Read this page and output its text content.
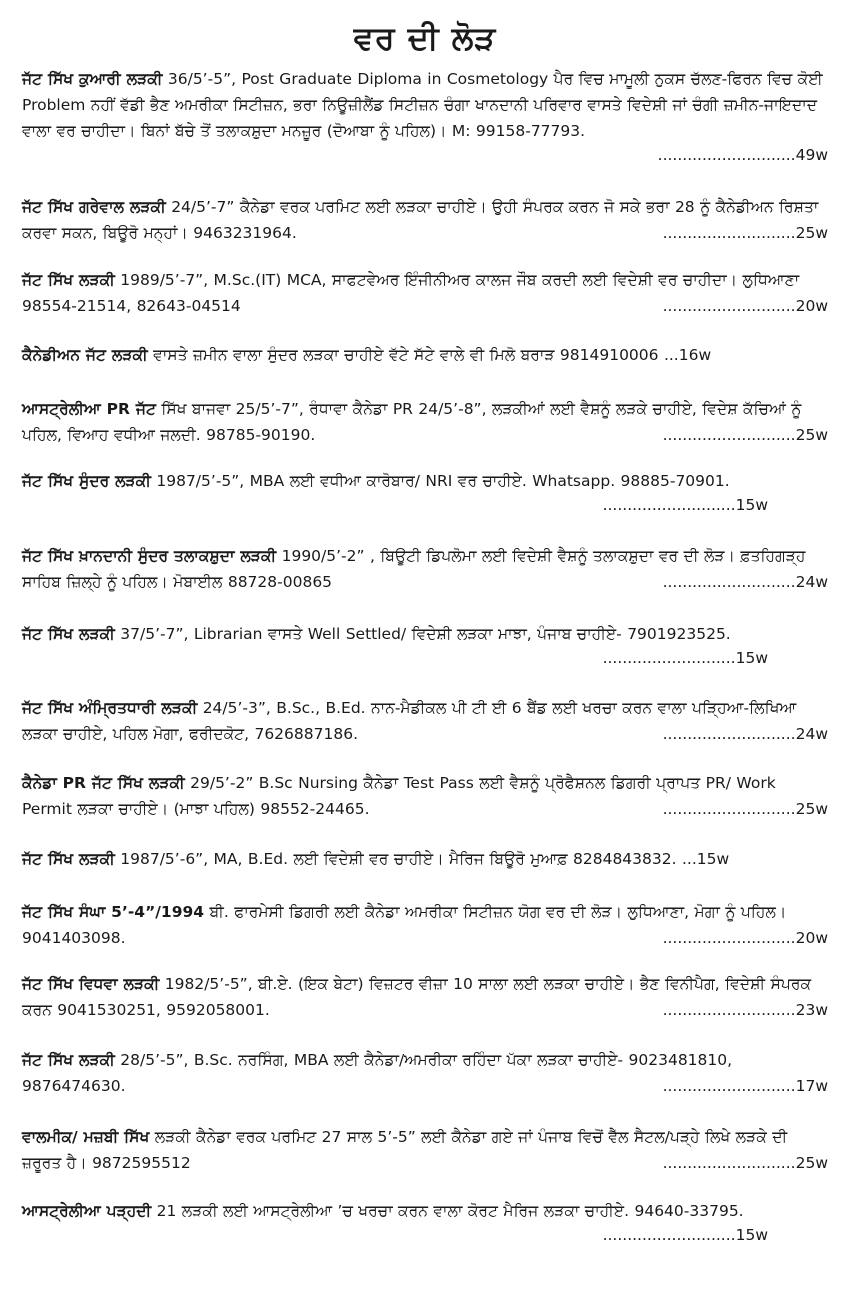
ਵਰ ਦੀ ਲੋੜ
ਜੱਟ ਸਿੱਖ ਕੁਆਰੀ ਲੜਕੀ 36/5’-5”, Post Graduate Diploma in Cosmetology ਪੈਰ ਵਿਚ ਮਾਮੂਲੀ ਨੁਕਸ ਚੱਲਣ-ਫਿਰਨ ਵਿਚ ਕੋਈ Problem ਨਹੀਂ ਵੱਡੀ ਭੈਣ ਅਮਰੀਕਾ ਸਿਟੀਜ਼ਨ, ਭਰਾ ਨਿਊਜ਼ੀਲੈਂਡ ਸਿਟੀਜ਼ਨ ਚੰਗਾ ਖਾਨਦਾਨੀ ਪਰਿਵਾਰ ਵਾਸਤੇ ਵਿਦੇਸ਼ੀ ਜਾਂ ਚੰਗੀ ਜ਼ਮੀਨ-ਜਾਇਦਾਦ ਵਾਲਾ ਵਰ ਚਾਹੀਦਾ। ਬਿਨਾਂ ਬੱਚੇ ਤੋਂ ਤਲਾਕਸ਼ੁਦਾ ਮਨਜ਼ੂਰ (ਦੋਆਬਾ ਨੂੰ ਪਹਿਲ)। M: 99158-77793.
............................49w
ਜੱਟ ਸਿੱਖ ਗਰੇਵਾਲ ਲੜਕੀ 24/5’-7” ਕੈਨੇਡਾ ਵਰਕ ਪਰਮਿਟ ਲਈ ਲੜਕਾ ਚਾਹੀਏ। ਉਹੀ ਸੰਪਰਕ ਕਰਨ ਜੋ ਸਕੇ ਭਰਾ 28 ਨੂੰ ਕੈਨੇਡੀਅਨ ਰਿਸ਼ਤਾ ਕਰਵਾ ਸਕਨ, ਬਿਊਰੋ ਮਨ੍ਹਾਂ। 9463231964.	...........................25w
ਜੱਟ ਸਿੱਖ ਲੜਕੀ 1989/5’-7”, M.Sc.(IT) MCA, ਸਾਫਟਵੇਅਰ ਇੰਜੀਨੀਅਰ ਕਾਲਜ ਜੌਬ ਕਰਦੀ ਲਈ ਵਿਦੇਸ਼ੀ ਵਰ ਚਾਹੀਦਾ। ਲੁਧਿਆਣਾ 98554-21514, 82643-04514	...........................20w
ਕੈਨੇਡੀਅਨ ਜੱਟ ਲੜਕੀ ਵਾਸਤੇ ਜ਼ਮੀਨ ਵਾਲਾ ਸੁੰਦਰ ਲੜਕਾ ਚਾਹੀਏ ਵੱਟੇ ਸੱਟੇ ਵਾਲੇ ਵੀ ਮਿਲੋ ਬਰਾੜ 9814910006 ...16w
ਆਸਟ੍ਰੇਲੀਆ PR ਜੱਟ ਸਿੱਖ ਬਾਜਵਾ 25/5’-7”, ਰੰਧਾਵਾ ਕੈਨੇਡਾ PR 24/5’-8”, ਲੜਕੀਆਂ ਲਈ ਵੈਸ਼ਨੂੰ ਲੜਕੇ ਚਾਹੀਏ, ਵਿਦੇਸ਼ ਕੱਚਿਆਂ ਨੂੰ ਪਹਿਲ, ਵਿਆਹ ਵਧੀਆ ਜਲਦੀ. 98785-90190.	...........................25w
ਜੱਟ ਸਿੱਖ ਸੁੰਦਰ ਲੜਕੀ 1987/5’-5”, MBA ਲਈ ਵਧੀਆ ਕਾਰੋਬਾਰ/ NRI ਵਰ ਚਾਹੀਏ. Whatsapp. 98885-70901.
...........................15w
ਜੱਟ ਸਿੱਖ ਖ਼ਾਨਦਾਨੀ ਸੁੰਦਰ ਤਲਾਕਸ਼ੁਦਾ ਲੜਕੀ 1990/5’-2” , ਬਿਊਟੀ ਡਿਪਲੋਮਾ ਲਈ ਵਿਦੇਸ਼ੀ ਵੈਸ਼ਨੂੰ ਤਲਾਕਸ਼ੁਦਾ ਵਰ ਦੀ ਲੋੜ। ਫ਼ਤਹਿਗੜ੍ਹ ਸਾਹਿਬ ਜ਼ਿਲ੍ਹੇ ਨੂੰ ਪਹਿਲ। ਮੋਬਾਈਲ 88728-00865	...........................24w
ਜੱਟ ਸਿੱਖ ਲੜਕੀ 37/5’-7”, Librarian ਵਾਸਤੇ Well Settled/ ਵਿਦੇਸ਼ੀ ਲੜਕਾ ਮਾਝਾ, ਪੰਜਾਬ ਚਾਹੀਏ- 7901923525.
...........................15w
ਜੱਟ ਸਿੱਖ ਅੰਮ੍ਰਿਤਧਾਰੀ ਲੜਕੀ 24/5’-3”, B.Sc., B.Ed. ਨਾਨ-ਮੈਡੀਕਲ ਪੀ ਟੀ ਈ 6 ਬੈਂਡ ਲਈ ਖਰਚਾ ਕਰਨ ਵਾਲਾ ਪੜ੍ਹਿਆ-ਲਿਖਿਆ ਲੜਕਾ ਚਾਹੀਏ, ਪਹਿਲ ਮੋਗਾ, ਫਰੀਦਕੋਟ, 7626887186.	...........................24w
ਕੈਨੇਡਾ PR ਜੱਟ ਸਿੱਖ ਲੜਕੀ 29/5’-2” B.Sc Nursing ਕੈਨੇਡਾ Test Pass ਲਈ ਵੈਸ਼ਨੂੰ ਪ੍ਰੋਫੈਸ਼ਨਲ ਡਿਗਰੀ ਪ੍ਰਾਪਤ PR/ Work Permit ਲੜਕਾ ਚਾਹੀਏ। (ਮਾਝਾ ਪਹਿਲ) 98552-24465.	...........................25w
ਜੱਟ ਸਿੱਖ ਲੜਕੀ 1987/5’-6”, MA, B.Ed. ਲਈ ਵਿਦੇਸ਼ੀ ਵਰ ਚਾਹੀਏ। ਮੈਰਿਜ ਬਿਊਰੋ ਮੁਆਫ਼ 8284843832. ...15w
ਜੱਟ ਸਿੱਖ ਸੰਘਾ 5’-4”/1994 ਬੀ. ਫਾਰਮੇਸੀ ਡਿਗਰੀ ਲਈ ਕੈਨੇਡਾ ਅਮਰੀਕਾ ਸਿਟੀਜ਼ਨ ਯੋਗ ਵਰ ਦੀ ਲੋੜ। ਲੁਧਿਆਣਾ, ਮੋਗਾ ਨੂੰ ਪਹਿਲ। 9041403098.	...........................20w
ਜੱਟ ਸਿੱਖ ਵਿਧਵਾ ਲੜਕੀ 1982/5’-5”, ਬੀ.ਏ. (ਇਕ ਬੇਟਾ) ਵਿਜ਼ਟਰ ਵੀਜ਼ਾ 10 ਸਾਲਾ ਲਈ ਲੜਕਾ ਚਾਹੀਏ। ਭੈਣ ਵਿਨੀਪੈਗ, ਵਿਦੇਸ਼ੀ ਸੰਪਰਕ ਕਰਨ 9041530251, 9592058001.	...........................23w
ਜੱਟ ਸਿੱਖ ਲੜਕੀ 28/5’-5”, B.Sc. ਨਰਸਿੰਗ, MBA ਲਈ ਕੈਨੇਡਾ/ਅਮਰੀਕਾ ਰਹਿੰਦਾ ਪੱਕਾ ਲੜਕਾ ਚਾਹੀਏ- 9023481810, 9876474630.	...........................17w
ਵਾਲਮੀਕ/ ਮਜ਼ਬੀ ਸਿੱਖ ਲੜਕੀ ਕੈਨੇਡਾ ਵਰਕ ਪਰਮਿਟ 27 ਸਾਲ 5’-5” ਲਈ ਕੈਨੇਡਾ ਗਏ ਜਾਂ ਪੰਜਾਬ ਵਿਚੋਂ ਵੈੱਲ ਸੈਟਲ/ਪੜ੍ਹੇ ਲਿਖੇ ਲੜਕੇ ਦੀ ਜ਼ਰੂਰਤ ਹੈ। 9872595512	...........................25w
ਆਸਟ੍ਰੇਲੀਆ ਪੜ੍ਹਦੀ 21 ਲੜਕੀ ਲਈ ਆਸਟ੍ਰੇਲੀਆ ’ਚ ਖਰਚਾ ਕਰਨ ਵਾਲਾ ਕੋਰਟ ਮੈਰਿਜ ਲੜਕਾ ਚਾਹੀਏ. 94640-33795.
...........................15w
